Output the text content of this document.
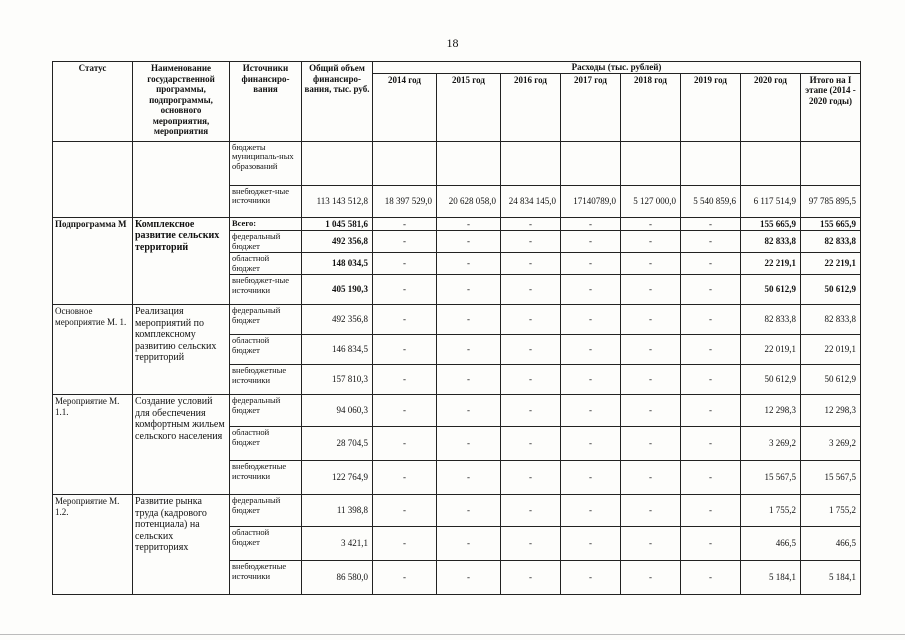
18
Статус	Наименование государственной программы, подпрограммы, основного мероприятия, мероприятия	Источники финансиро-вания	Общий объем финансиро-вания, тыс. руб.	Расходы (тыс. рублей)							
				2014 год	2015 год	2016 год	2017 год	2018 год	2019 год	2020 год	Итого на I этапе (2014 - 2020 годы)
		бюджеты муниципаль-ных образований									
		внебюджет-ные источники	113 143 512,8	18 397 529,0	20 628 058,0	24 834 145,0	17140789,0	5 127 000,0	5 540 859,6	6 117 514,9	97 785 895,5
Подпрограмма М	Комплексное развитие сельских территорий	Всего:	1 045 581,6	-	-	-	-	-	-	155 665,9	155 665,9
		федеральный бюджет	492 356,8	-	-	-	-	-	-	82 833,8	82 833,8
		областной бюджет	148 034,5	-	-	-	-	-	-	22 219,1	22 219,1
		внебюджет-ные источники	405 190,3	-	-	-	-	-	-	50 612,9	50 612,9
Основное мероприятие М. 1.	Реализация мероприятий по комплексному развитию сельских территорий	федеральный бюджет	492 356,8	-	-	-	-	-	-	82 833,8	82 833,8
		областной бюджет	146 834,5	-	-	-	-	-	-	22 019,1	22 019,1
		внебюджетные источники	157 810,3	-	-	-	-	-	-	50 612,9	50 612,9
Мероприятие М. 1.1.	Создание условий для обеспечения комфортным жильем сельского населения	федеральный бюджет	94 060,3	-	-	-	-	-	-	12 298,3	12 298,3
		областной бюджет	28 704,5	-	-	-	-	-	-	3 269,2	3 269,2
		внебюджетные источники	122 764,9	-	-	-	-	-	-	15 567,5	15 567,5
Мероприятие М. 1.2.	Развитие рынка труда (кадрового потенциала) на сельских территориях	федеральный бюджет	11 398,8	-	-	-	-	-	-	1 755,2	1 755,2
		областной бюджет	3 421,1	-	-	-	-	-	-	466,5	466,5
		внебюджетные источники	86 580,0	-	-	-	-	-	-	5 184,1	5 184,1
